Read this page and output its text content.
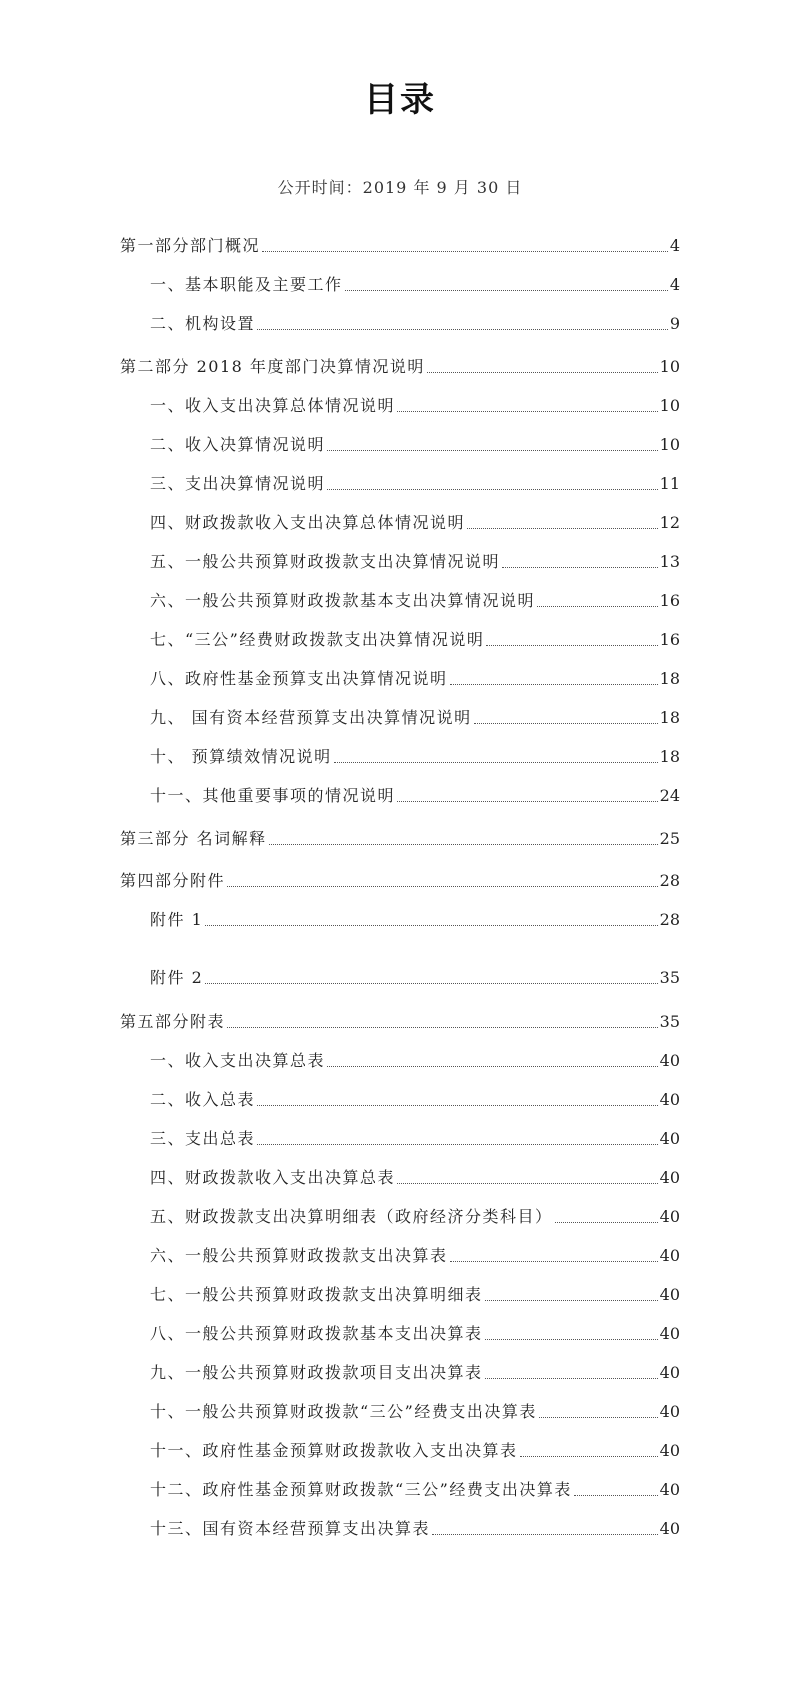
目录
公开时间：2019 年 9 月 30 日
第一部分部门概况	4
一、基本职能及主要工作	4
二、机构设置	9
第二部分 2018 年度部门决算情况说明	10
一、收入支出决算总体情况说明	10
二、收入决算情况说明	10
三、支出决算情况说明	11
四、财政拨款收入支出决算总体情况说明	12
五、一般公共预算财政拨款支出决算情况说明	13
六、一般公共预算财政拨款基本支出决算情况说明	16
七、“三公”经费财政拨款支出决算情况说明	16
八、政府性基金预算支出决算情况说明	18
九、 国有资本经营预算支出决算情况说明	18
十、 预算绩效情况说明	18
十一、其他重要事项的情况说明	24
第三部分 名词解释	25
第四部分附件	28
附件 1	28
附件 2	35
第五部分附表	35
一、收入支出决算总表	40
二、收入总表	40
三、支出总表	40
四、财政拨款收入支出决算总表	40
五、财政拨款支出决算明细表（政府经济分类科目）	40
六、一般公共预算财政拨款支出决算表	40
七、一般公共预算财政拨款支出决算明细表	40
八、一般公共预算财政拨款基本支出决算表	40
九、一般公共预算财政拨款项目支出决算表	40
十、一般公共预算财政拨款“三公”经费支出决算表	40
十一、政府性基金预算财政拨款收入支出决算表	40
十二、政府性基金预算财政拨款“三公”经费支出决算表	40
十三、国有资本经营预算支出决算表	40
